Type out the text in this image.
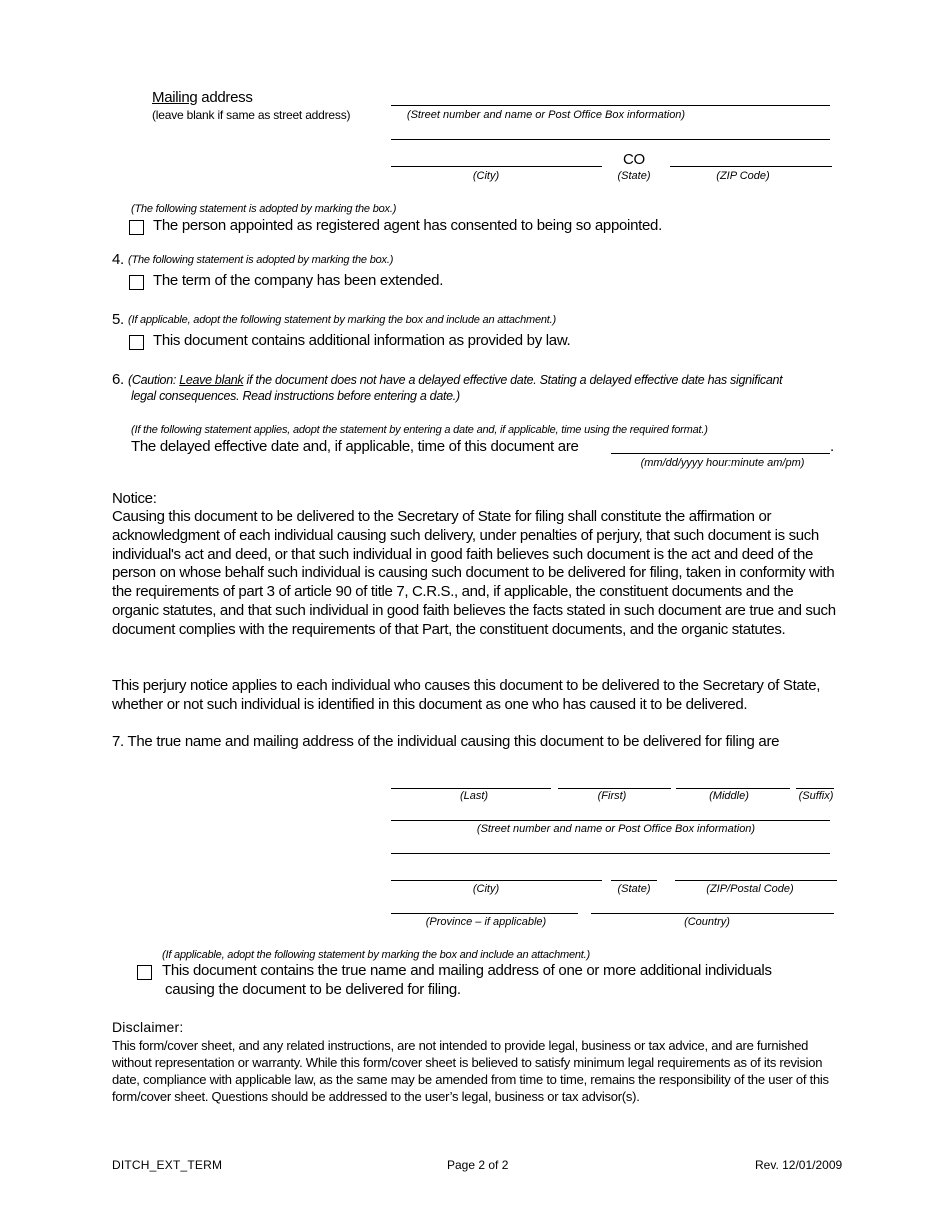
Mailing address
(leave blank if same as street address)	(Street number and name or Post Office Box information)
CO
(City)	(State)	(ZIP Code)
(The following statement is adopted by marking the box.)
The person appointed as registered agent has consented to being so appointed.
4. (The following statement is adopted by marking the box.)
The term of the company has been extended.
5. (If applicable, adopt the following statement by marking the box and include an attachment.)
This document contains additional information as provided by law.
6. (Caution: Leave blank if the document does not have a delayed effective date. Stating a delayed effective date has significant
legal consequences. Read instructions before entering a date.)
(If the following statement applies, adopt the statement by entering a date and, if applicable, time using the required format.)
The delayed effective date and, if applicable, time of this document are	.
(mm/dd/yyyy hour:minute am/pm)
Notice:
Causing this document to be delivered to the Secretary of State for filing shall constitute the affirmation or acknowledgment of each individual causing such delivery, under penalties of perjury, that such document is such individual's act and deed, or that such individual in good faith believes such document is the act and deed of the person on whose behalf such individual is causing such document to be delivered for filing, taken in conformity with the requirements of part 3 of article 90 of title 7, C.R.S., and, if applicable, the constituent documents and the organic statutes, and that such individual in good faith believes the facts stated in such document are true and such document complies with the requirements of that Part, the constituent documents, and the organic statutes.
This perjury notice applies to each individual who causes this document to be delivered to the Secretary of State, whether or not such individual is identified in this document as one who has caused it to be delivered.
7. The true name and mailing address of the individual causing this document to be delivered for filing are
(Last)	(First)	(Middle)	(Suffix)
(Street number and name or Post Office Box information)
(City)	(State)	(ZIP/Postal Code)
(Province – if applicable)	(Country)
(If applicable, adopt the following statement by marking the box and include an attachment.)
This document contains the true name and mailing address of one or more additional individuals
causing the document to be delivered for filing.
Disclaimer:
This form/cover sheet, and any related instructions, are not intended to provide legal, business or tax advice, and are furnished without representation or warranty. While this form/cover sheet is believed to satisfy minimum legal requirements as of its revision date, compliance with applicable law, as the same may be amended from time to time, remains the responsibility of the user of this form/cover sheet. Questions should be addressed to the user’s legal, business or tax advisor(s).
DITCH_EXT_TERM	Page 2 of 2	Rev. 12/01/2009
